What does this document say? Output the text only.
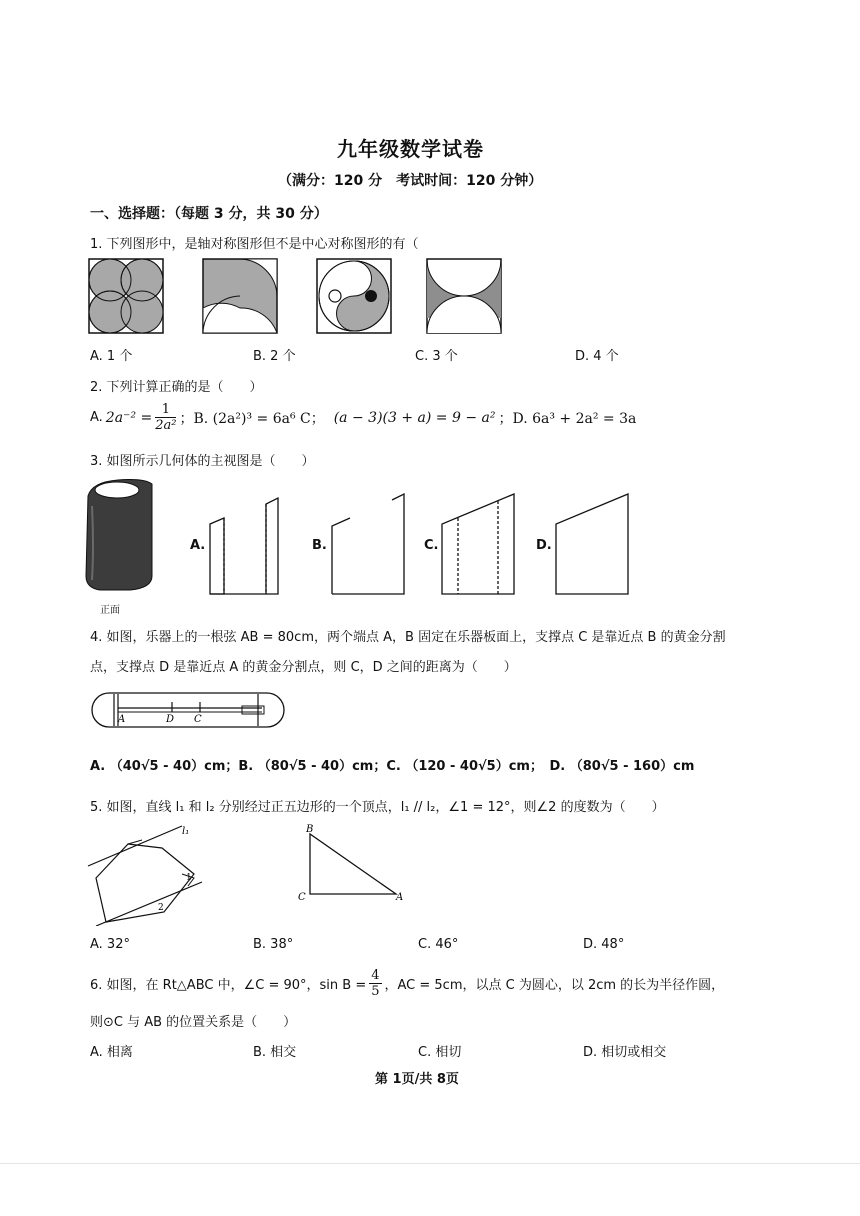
九年级数学试卷
（满分：120 分　考试时间：120 分钟）
一、选择题：（每题 3 分，共 30 分）
1. 下列图形中，是轴对称图形但不是中心对称图形的有（
A. 1 个	B. 2 个	C. 3 个	D. 4 个
2. 下列计算正确的是（　　）
A. $2a^{-2} = \frac{1}{\text{2a²}}$ ；B. (2a²)³ = 6a⁶ C； (a − 3)(3 + a) = 9 − a² ；D. 6a³ + 2a² = 3a
3. 如图所示几何体的主视图是（　　）
正面
A.	B.	C.	D.
4. 如图，乐器上的一根弦 AB = 80cm，两个端点 A，B 固定在乐器板面上，支撑点 C 是靠近点 B 的黄金分割
点，支撑点 D 是靠近点 A 的黄金分割点，则 C，D 之间的距离为（　　）
A	D C
A. （40√5 - 40）cm；B. （80√5 - 40）cm；C. （120 - 40√5）cm；　D. （80√5 - 160）cm
5. 如图，直线 l₁ 和 l₂ 分别经过正五边形的一个顶点，l₁ // l₂，∠1 = 12°，则∠2 的度数为（　　）
l₁
1
2
B
C	A
A. 32°	B. 38°	C. 46°	D. 48°
6. 如图，在 Rt△ABC 中，∠C = 90°，$\sin B = \frac{4}{5}$ ，AC = 5cm，以点 C 为圆心，以 2cm 的长为半径作圆，
则⊙C 与 AB 的位置关系是（　　）
A. 相离	B. 相交	C. 相切	D. 相切或相交
第 1页/共 8页
